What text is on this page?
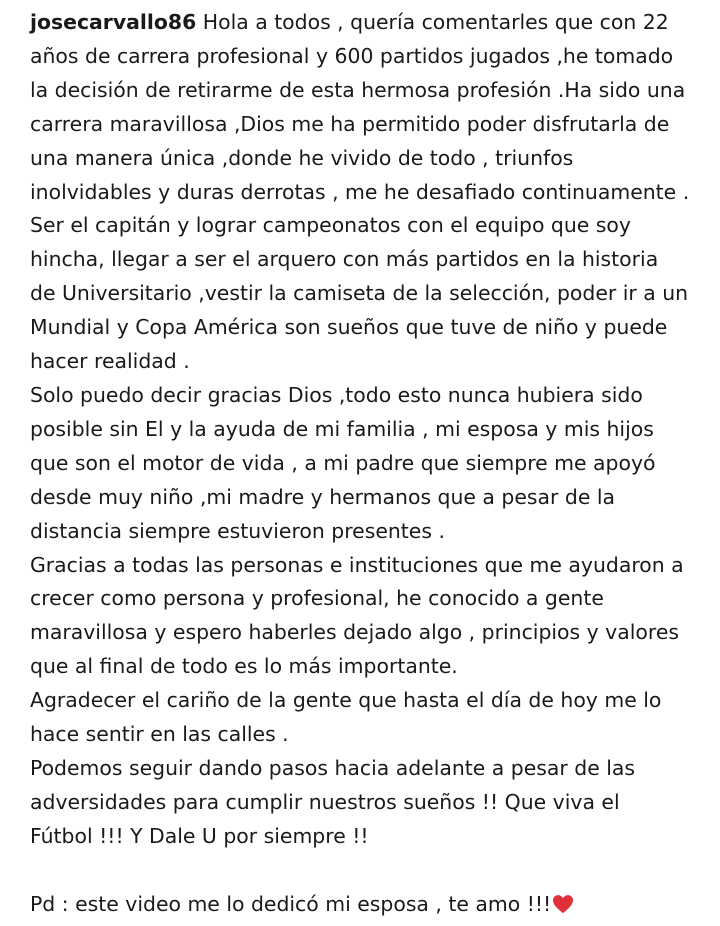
josecarvallo86 Hola a todos , quería comentarles que con 22
años de carrera profesional y 600 partidos jugados ,he tomado
la decisión de retirarme de esta hermosa profesión .Ha sido una
carrera maravillosa ,Dios me ha permitido poder disfrutarla de
una manera única ,donde he vivido de todo , triunfos
inolvidables y duras derrotas , me he desafiado continuamente .
Ser el capitán y lograr campeonatos con el equipo que soy
hincha, llegar a ser el arquero con más partidos en la historia
de Universitario ,vestir la camiseta de la selección, poder ir a un
Mundial y Copa América son sueños que tuve de niño y puede
hacer realidad .
Solo puedo decir gracias Dios ,todo esto nunca hubiera sido
posible sin El y la ayuda de mi familia , mi esposa y mis hijos
que son el motor de vida , a mi padre que siempre me apoyó
desde muy niño ,mi madre y hermanos que a pesar de la
distancia siempre estuvieron presentes .
Gracias a todas las personas e instituciones que me ayudaron a
crecer como persona y profesional, he conocido a gente
maravillosa y espero haberles dejado algo , principios y valores
que al final de todo es lo más importante.
Agradecer el cariño de la gente que hasta el día de hoy me lo
hace sentir en las calles .
Podemos seguir dando pasos hacia adelante a pesar de las
adversidades para cumplir nuestros sueños !! Que viva el
Fútbol !!! Y Dale U por siempre !!
Pd : este video me lo dedicó mi esposa , te amo !!!
